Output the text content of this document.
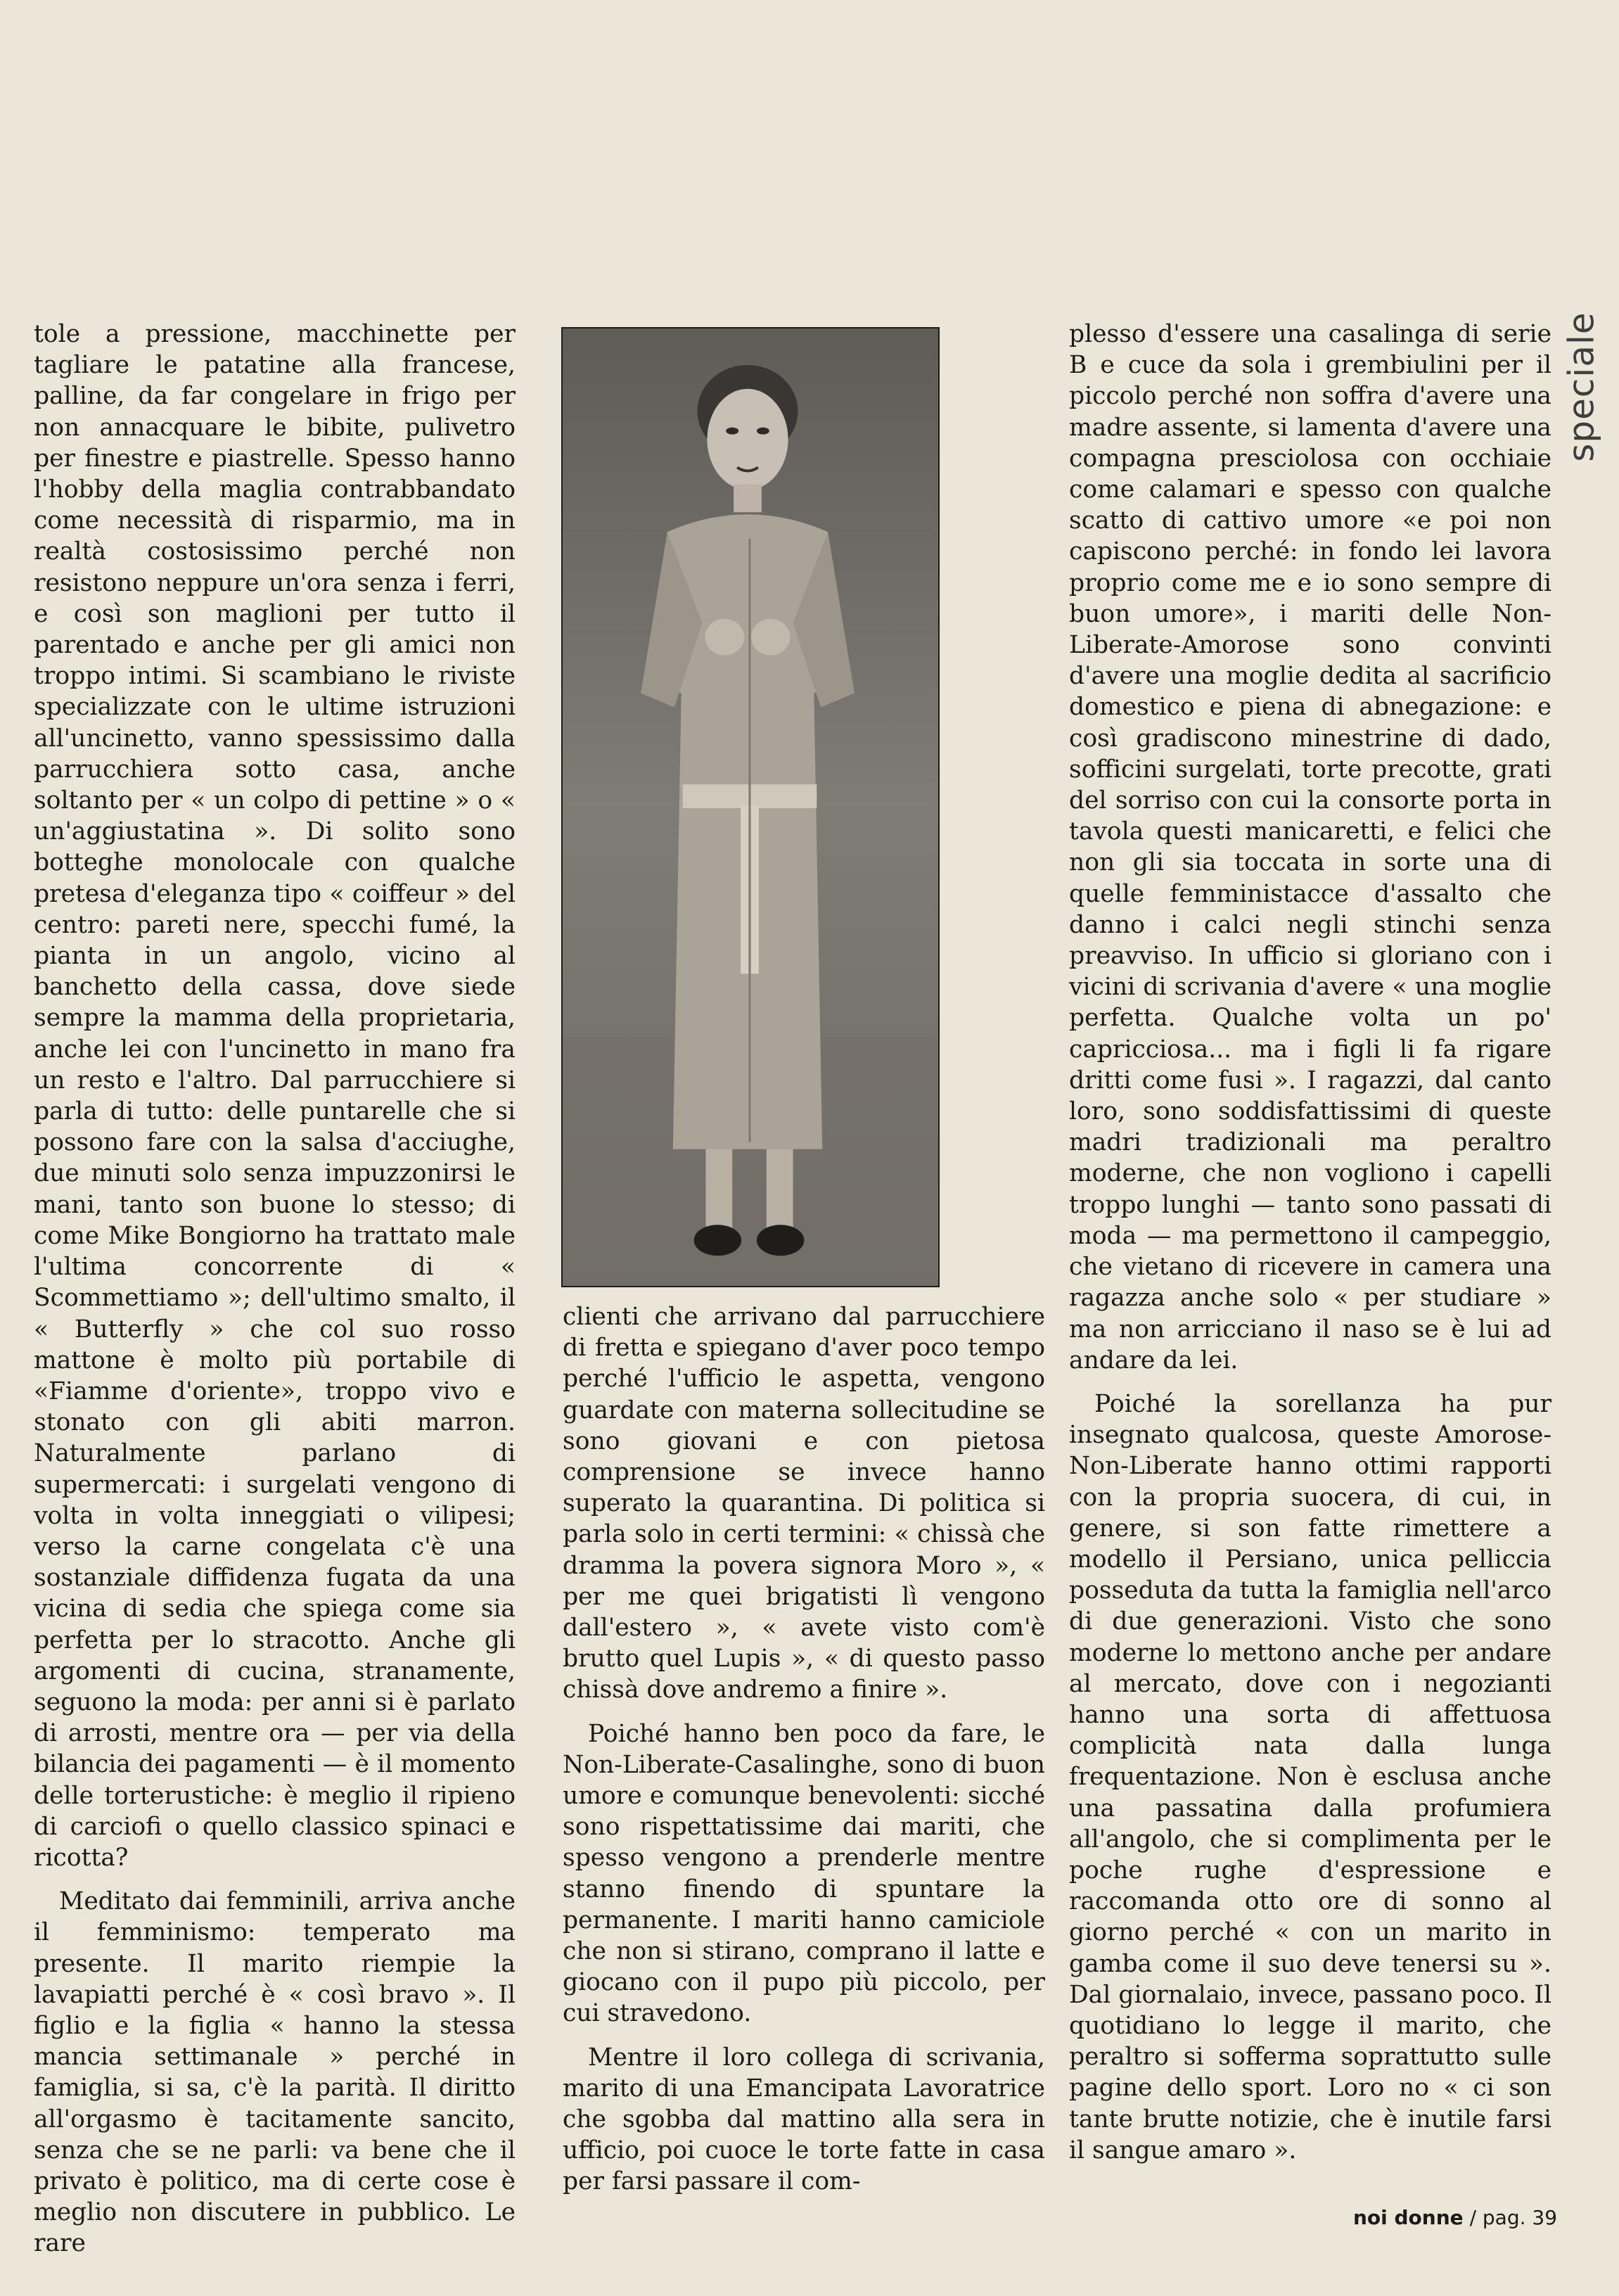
speciale

tole a pressione, macchinette per tagliare le patatine alla francese, palline, da far congelare in frigo per non annacquare le bibite, pulivetro per finestre e piastrelle. Spesso hanno l'hobby della maglia contrabbandato come necessità di risparmio, ma in realtà costosissimo perché non resistono neppure un'ora senza i ferri, e così son maglioni per tutto il parentado e anche per gli amici non troppo intimi. Si scambiano le riviste specializzate con le ultime istruzioni all'uncinetto, vanno spessissimo dalla parrucchiera sotto casa, anche soltanto per « un colpo di pettine » o « un'aggiustatina ». Di solito sono botteghe monolocale con qualche pretesa d'eleganza tipo « coiffeur » del centro: pareti nere, specchi fumé, la pianta in un angolo, vicino al banchetto della cassa, dove siede sempre la mamma della proprietaria, anche lei con l'uncinetto in mano fra un resto e l'altro. Dal parrucchiere si parla di tutto: delle puntarelle che si possono fare con la salsa d'acciughe, due minuti solo senza impuzzonirsi le mani, tanto son buone lo stesso; di come Mike Bongiorno ha trattato male l'ultima concorrente di « Scommettiamo »; dell'ultimo smalto, il « Butterfly » che col suo rosso mattone è molto più portabile di «Fiamme d'oriente», troppo vivo e stonato con gli abiti marron. Naturalmente parlano di supermercati: i surgelati vengono di volta in volta inneggiati o vilipesi; verso la carne congelata c'è una sostanziale diffidenza fugata da una vicina di sedia che spiega come sia perfetta per lo stracotto. Anche gli argomenti di cucina, stranamente, seguono la moda: per anni si è parlato di arrosti, mentre ora — per via della bilancia dei pagamenti — è il momento delle torterustiche: è meglio il ripieno di carciofi o quello classico spinaci e ricotta?

Meditato dai femminili, arriva anche il femminismo: temperato ma presente. Il marito riempie la lavapiatti perché è « così bravo ». Il figlio e la figlia « hanno la stessa mancia settimanale » perché in famiglia, si sa, c'è la parità. Il diritto all'orgasmo è tacitamente sancito, senza che se ne parli: va bene che il privato è politico, ma di certe cose è meglio non discutere in pubblico. Le rare

clienti che arrivano dal parrucchiere di fretta e spiegano d'aver poco tempo perché l'ufficio le aspetta, vengono guardate con materna sollecitudine se sono giovani e con pietosa comprensione se invece hanno superato la quarantina. Di politica si parla solo in certi termini: « chissà che dramma la povera signora Moro », « per me quei brigatisti lì vengono dall'estero », « avete visto com'è brutto quel Lupis », « di questo passo chissà dove andremo a finire ».

Poiché hanno ben poco da fare, le Non-Liberate-Casalinghe, sono di buon umore e comunque benevolenti: sicché sono rispettatissime dai mariti, che spesso vengono a prenderle mentre stanno finendo di spuntare la permanente. I mariti hanno camiciole che non si stirano, comprano il latte e giocano con il pupo più piccolo, per cui stravedono.

Mentre il loro collega di scrivania, marito di una Emancipata Lavoratrice che sgobba dal mattino alla sera in ufficio, poi cuoce le torte fatte in casa per farsi passare il com-

plesso d'essere una casalinga di serie B e cuce da sola i grembiulini per il piccolo perché non soffra d'avere una madre assente, si lamenta d'avere una compagna presciolosa con occhiaie come calamari e spesso con qualche scatto di cattivo umore «e poi non capiscono perché: in fondo lei lavora proprio come me e io sono sempre di buon umore», i mariti delle Non-Liberate-Amorose sono convinti d'avere una moglie dedita al sacrificio domestico e piena di abnegazione: e così gradiscono minestrine di dado, sofficini surgelati, torte precotte, grati del sorriso con cui la consorte porta in tavola questi manicaretti, e felici che non gli sia toccata in sorte una di quelle femministacce d'assalto che danno i calci negli stinchi senza preavviso. In ufficio si gloriano con i vicini di scrivania d'avere « una moglie perfetta. Qualche volta un po' capricciosa... ma i figli li fa rigare dritti come fusi ». I ragazzi, dal canto loro, sono soddisfattissimi di queste madri tradizionali ma peraltro moderne, che non vogliono i capelli troppo lunghi — tanto sono passati di moda — ma permettono il campeggio, che vietano di ricevere in camera una ragazza anche solo « per studiare » ma non arricciano il naso se è lui ad andare da lei.

Poiché la sorellanza ha pur insegnato qualcosa, queste Amorose-Non-Liberate hanno ottimi rapporti con la propria suocera, di cui, in genere, si son fatte rimettere a modello il Persiano, unica pelliccia posseduta da tutta la famiglia nell'arco di due generazioni. Visto che sono moderne lo mettono anche per andare al mercato, dove con i negozianti hanno una sorta di affettuosa complicità nata dalla lunga frequentazione. Non è esclusa anche una passatina dalla profumiera all'angolo, che si complimenta per le poche rughe d'espressione e raccomanda otto ore di sonno al giorno perché « con un marito in gamba come il suo deve tenersi su ». Dal giornalaio, invece, passano poco. Il quotidiano lo legge il marito, che peraltro si sofferma soprattutto sulle pagine dello sport. Loro no « ci son tante brutte notizie, che è inutile farsi il sangue amaro ».

noi donne / pag. 39
